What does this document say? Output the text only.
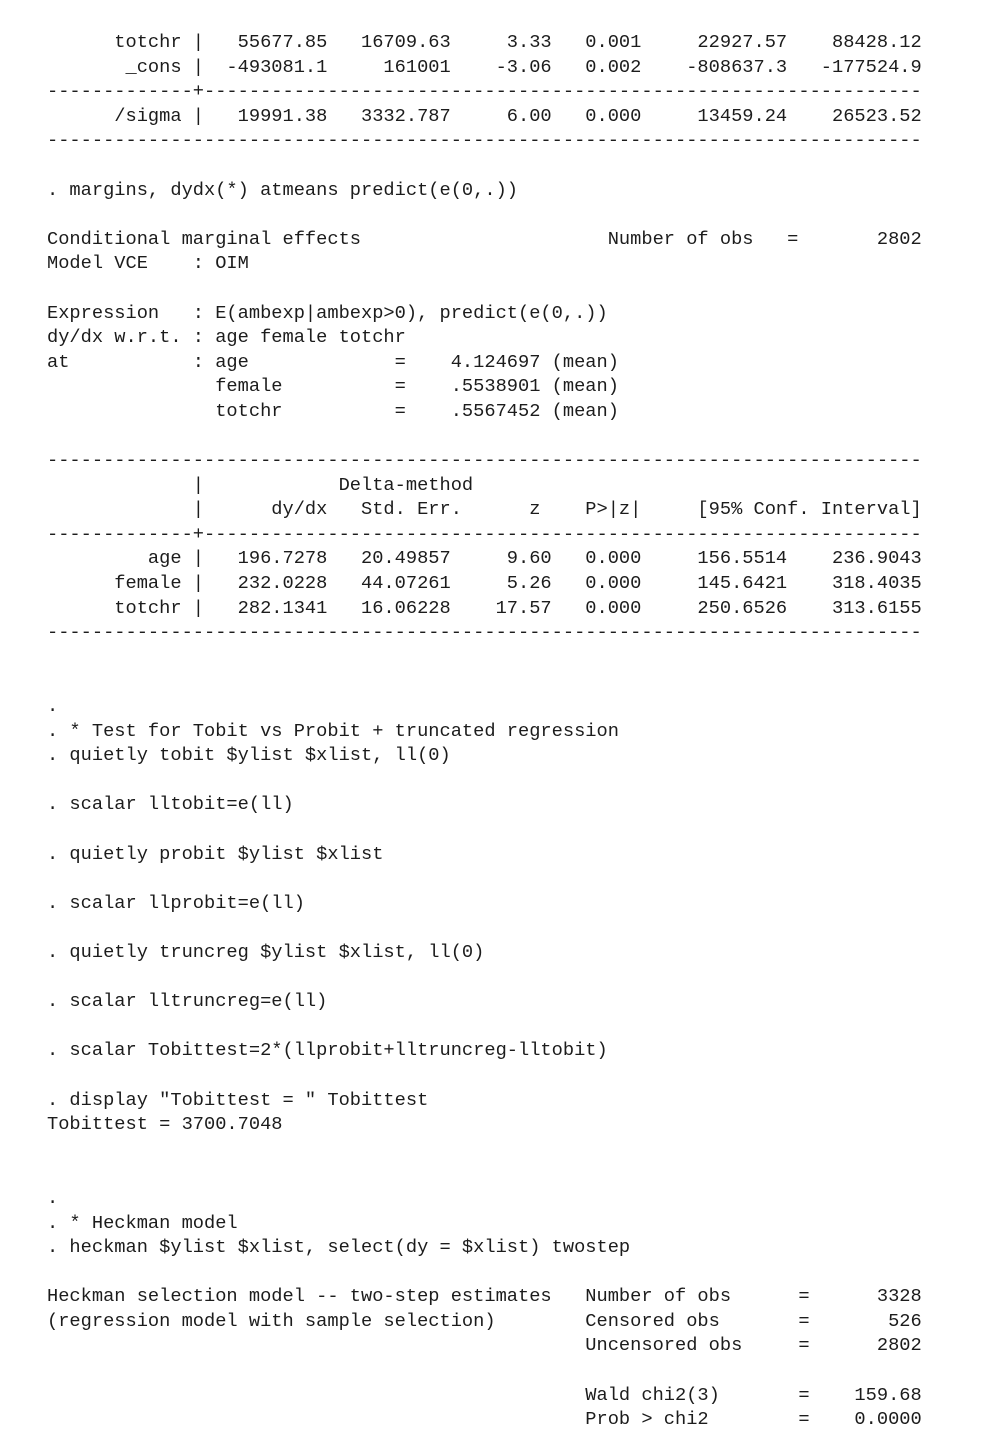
totchr |   55677.85   16709.63     3.33   0.001     22927.57    88428.12
_cons |  -493081.1     161001    -3.06   0.002    -808637.3   -177524.9
-------------+----------------------------------------------------------------
/sigma |   19991.38   3332.787     6.00   0.000     13459.24    26523.52
------------------------------------------------------------------------------
. margins, dydx(*) atmeans predict(e(0,.))
Conditional marginal effects                      Number of obs   =       2802
Model VCE    : OIM
Expression   : E(ambexp|ambexp>0), predict(e(0,.))
dy/dx w.r.t. : age female totchr
at           : age             =    4.124697 (mean)
female          =    .5538901 (mean)
totchr          =    .5567452 (mean)
------------------------------------------------------------------------------
|            Delta-method
|      dy/dx   Std. Err.      z    P>|z|     [95% Conf. Interval]
-------------+----------------------------------------------------------------
age |   196.7278   20.49857     9.60   0.000     156.5514    236.9043
female |   232.0228   44.07261     5.26   0.000     145.6421    318.4035
totchr |   282.1341   16.06228    17.57   0.000     250.6526    313.6155
------------------------------------------------------------------------------
.
. * Test for Tobit vs Probit + truncated regression
. quietly tobit $ylist $xlist, ll(0)
. scalar lltobit=e(ll)
. quietly probit $ylist $xlist
. scalar llprobit=e(ll)
. quietly truncreg $ylist $xlist, ll(0)
. scalar lltruncreg=e(ll)
. scalar Tobittest=2*(llprobit+lltruncreg-lltobit)
. display "Tobittest = " Tobittest
Tobittest = 3700.7048
.
. * Heckman model
. heckman $ylist $xlist, select(dy = $xlist) twostep
Heckman selection model -- two-step estimates   Number of obs      =      3328
(regression model with sample selection)        Censored obs       =       526
Uncensored obs     =      2802
Wald chi2(3)       =    159.68
Prob > chi2        =    0.0000
